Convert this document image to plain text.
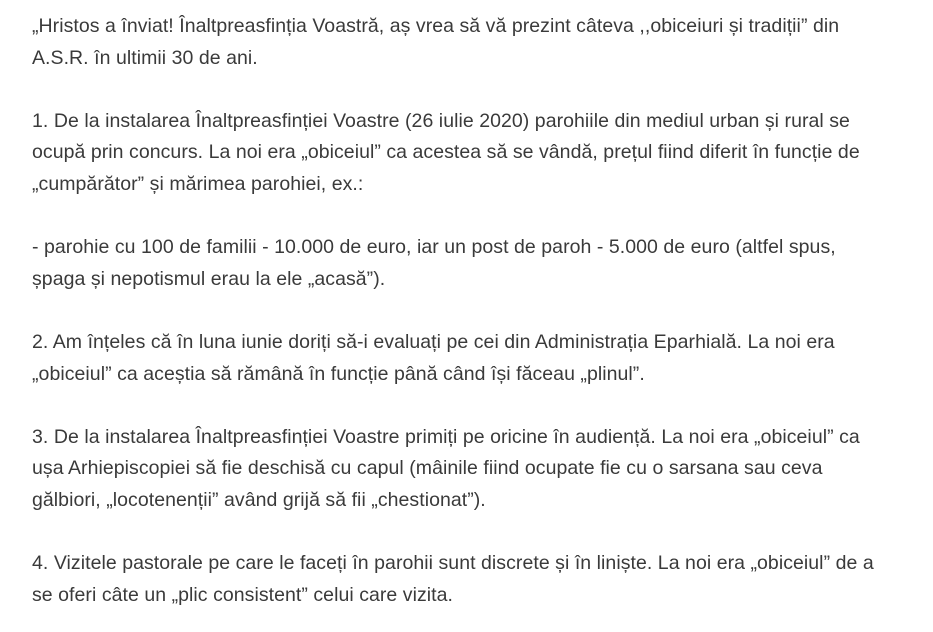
„Hristos a înviat! Înaltpreasfinția Voastră, aș vrea să vă prezint câteva ,,obiceiuri și tradiții” din A.S.R. în ultimii 30 de ani.

1. De la instalarea Înaltpreasfinției Voastre (26 iulie 2020) parohiile din mediul urban și rural se ocupă prin concurs. La noi era „obiceiul” ca acestea să se vândă, prețul fiind diferit în funcție de „cumpărător” și mărimea parohiei, ex.:

- parohie cu 100 de familii - 10.000 de euro, iar un post de paroh - 5.000 de euro (altfel spus, șpaga și nepotismul erau la ele „acasă”).

2. Am înțeles că în luna iunie doriți să-i evaluați pe cei din Administrația Eparhială. La noi era „obiceiul” ca aceștia să rămână în funcție până când își făceau „plinul”.

3. De la instalarea Înaltpreasfinției Voastre primiți pe oricine în audiență. La noi era „obiceiul” ca ușa Arhiepiscopiei să fie deschisă cu capul (mâinile fiind ocupate fie cu o sarsana sau ceva gălbiori, „locotenenții” având grijă să fii „chestionat”).

4. Vizitele pastorale pe care le faceți în parohii sunt discrete și în liniște. La noi era „obiceiul” de a se oferi câte un „plic consistent” celui care vizita.
